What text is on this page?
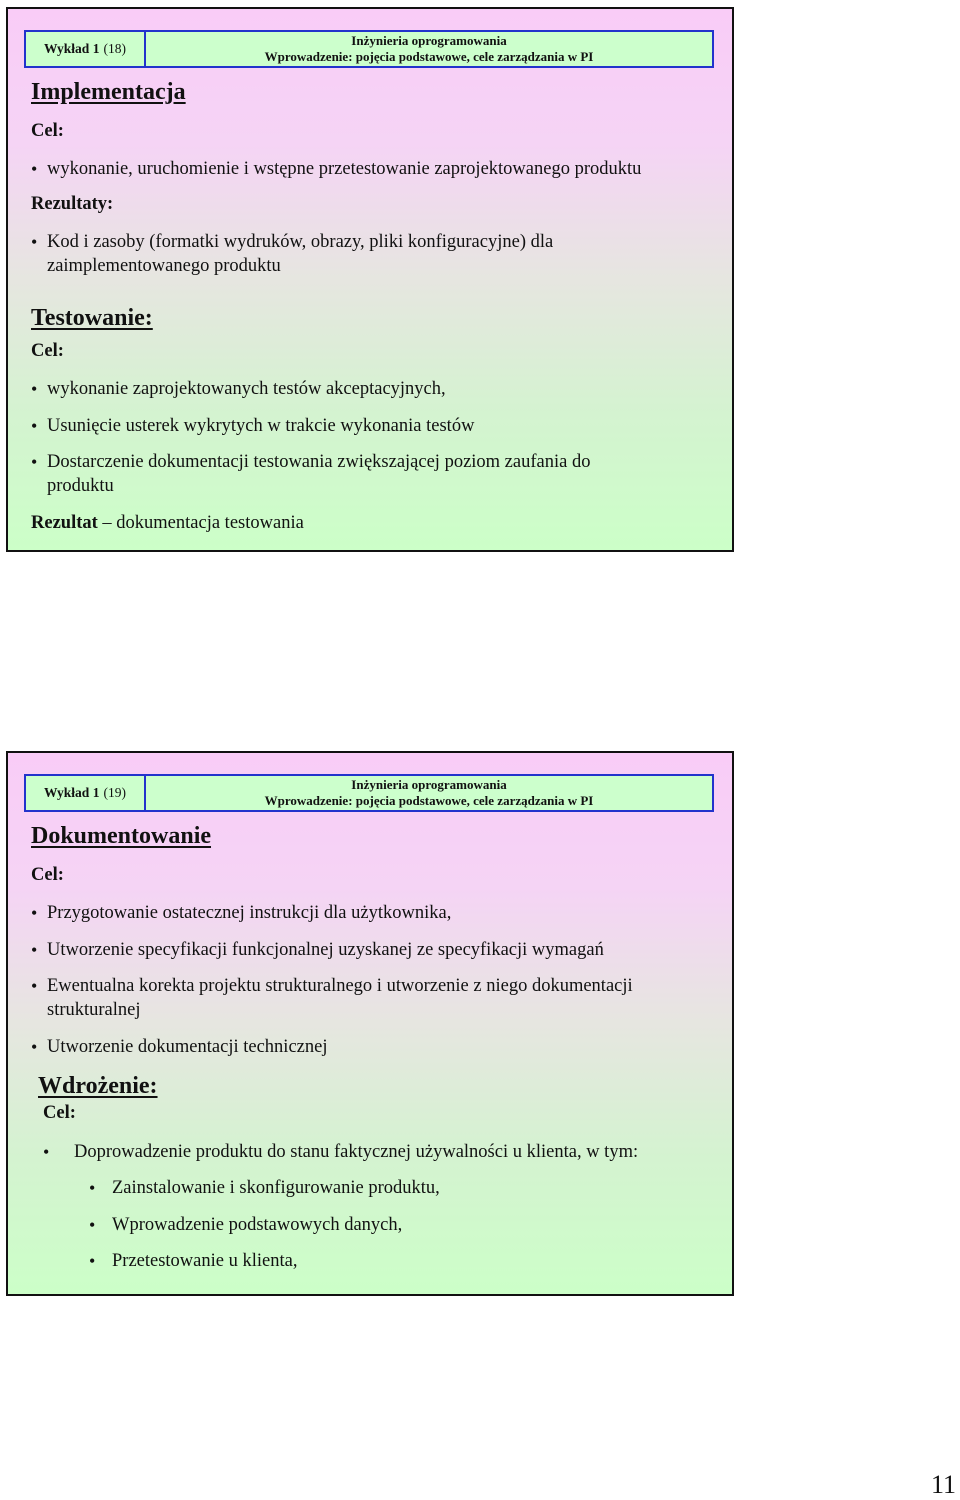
Wykład 1 (18)
Inżynieria oprogramowania
Wprowadzenie: pojęcia podstawowe, cele zarządzania w PI
Implementacja
Cel:
• wykonanie, uruchomienie i wstępne przetestowanie zaprojektowanego produktu
Rezultaty:
• Kod i zasoby (formatki wydruków, obrazy, pliki konfiguracyjne) dla
zaimplementowanego produktu
Testowanie:
Cel:
• wykonanie zaprojektowanych testów akceptacyjnych,
• Usunięcie usterek wykrytych w trakcie wykonania testów
• Dostarczenie dokumentacji testowania zwiększającej poziom zaufania do
produktu
Rezultat – dokumentacja testowania
Wykład 1 (19)
Inżynieria oprogramowania
Wprowadzenie: pojęcia podstawowe, cele zarządzania w PI
Dokumentowanie
Cel:
• Przygotowanie ostatecznej instrukcji dla użytkownika,
• Utworzenie specyfikacji funkcjonalnej uzyskanej ze specyfikacji wymagań
• Ewentualna korekta projektu strukturalnego i utworzenie z niego dokumentacji
strukturalnej
• Utworzenie dokumentacji technicznej
Wdrożenie:
Cel:
• Doprowadzenie produktu do stanu faktycznej używalności u klienta, w tym:
• Zainstalowanie i skonfigurowanie produktu,
• Wprowadzenie podstawowych danych,
• Przetestowanie u klienta,
11
